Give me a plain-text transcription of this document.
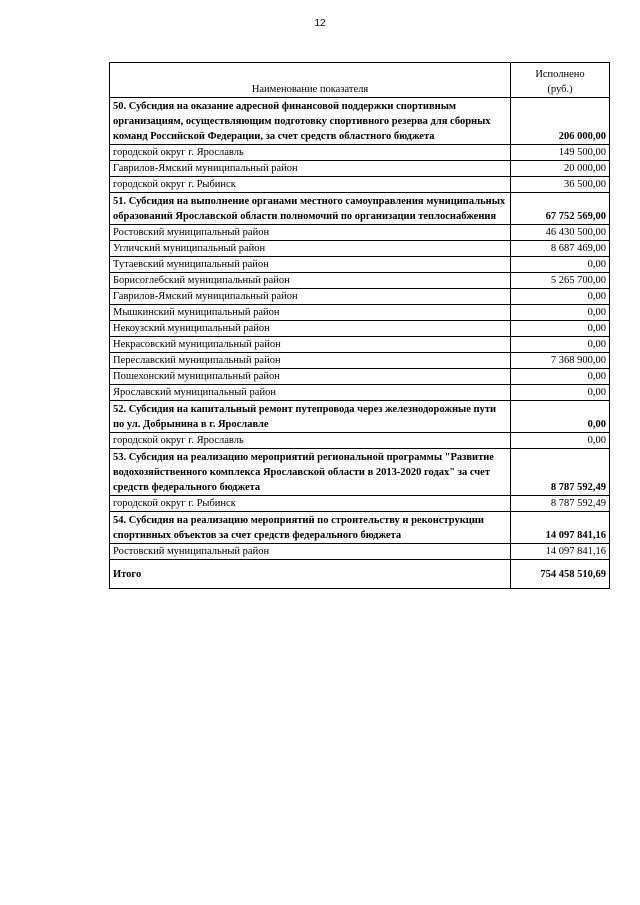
12
Наименование показателя	Исполнено
(руб.)

50. Субсидия на оказание адресной финансовой поддержки спортивным организациям, осуществляющим подготовку спортивного резерва для сборных команд Российской Федерации, за счет средств областного бюджета	206 000,00
городской округ г. Ярославль	149 500,00
Гаврилов-Ямский муниципальный район	20 000,00
городской округ г. Рыбинск	36 500,00
51. Субсидия на выполнение органами местного самоуправления муниципальных образований Ярославской области полномочий по организации теплоснабжения	67 752 569,00
Ростовский муниципальный район	46 430 500,00
Угличский муниципальный район	8 687 469,00
Тутаевский муниципальный район	0,00
Борисоглебский муниципальный район	5 265 700,00
Гаврилов-Ямский муниципальный район	0,00
Мышкинский муниципальный район	0,00
Некоузский муниципальный район	0,00
Некрасовский муниципальный район	0,00
Переславский муниципальный район	7 368 900,00
Пошехонский муниципальный район	0,00
Ярославский муниципальный район	0,00
52. Субсидия на капитальный ремонт путепровода через железнодорожные пути по ул. Добрынина в г. Ярославле	0,00
городской округ г. Ярославль	0,00
53. Субсидия на реализацию мероприятий региональной программы "Развитие водохозяйственного комплекса Ярославской области в 2013-2020 годах" за счет средств федерального бюджета	8 787 592,49
городской округ г. Рыбинск	8 787 592,49
54. Субсидия на реализацию мероприятий по строительству и реконструкции спортивных объектов за счет средств федерального бюджета	14 097 841,16
Ростовский муниципальный район	14 097 841,16
Итого	754 458 510,69
